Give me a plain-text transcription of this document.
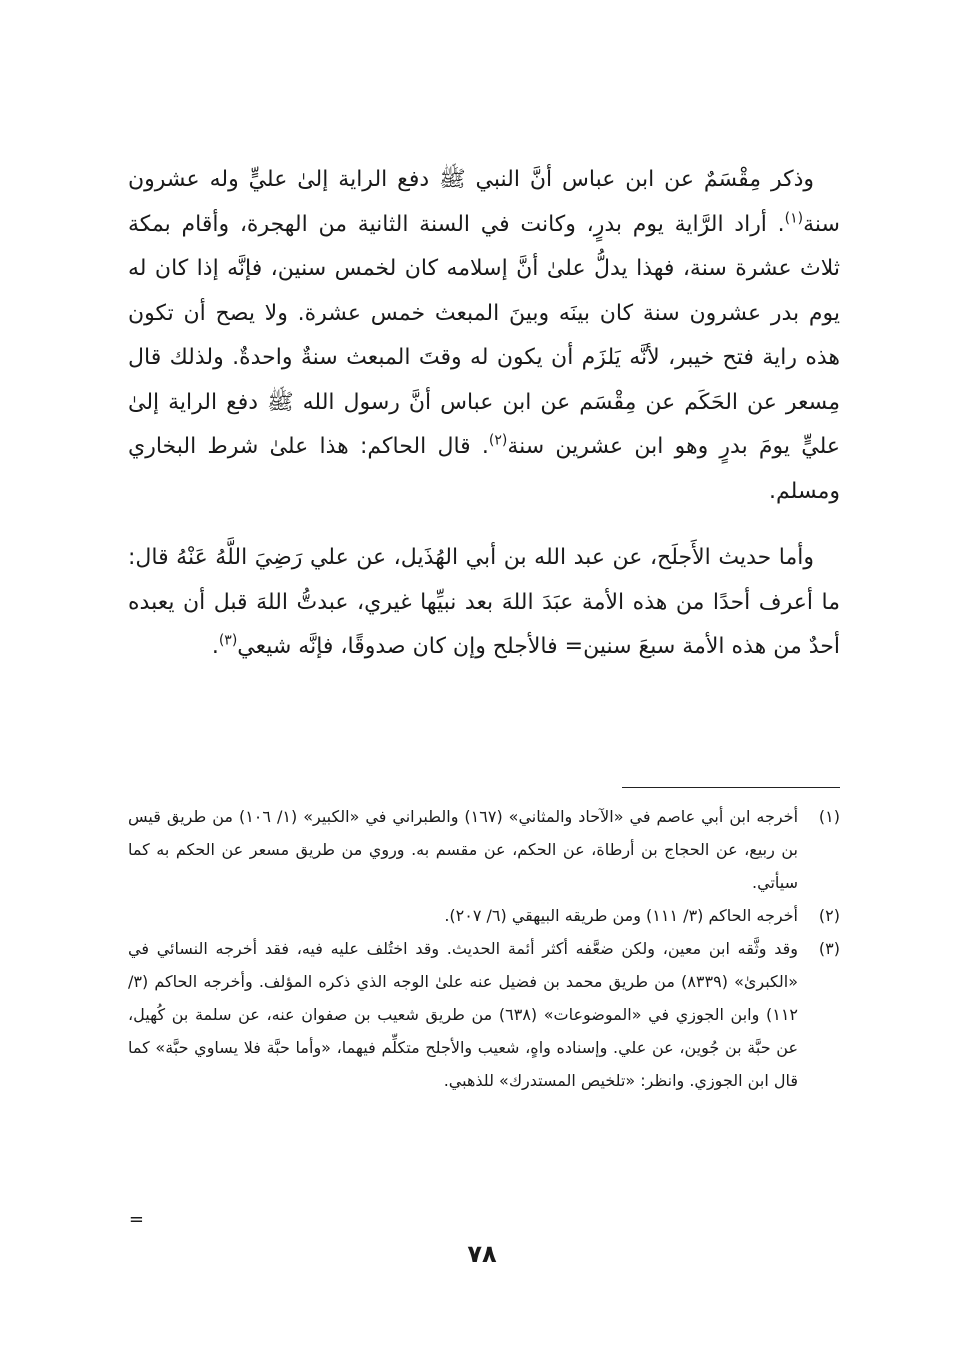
وذكر مِقْسَمٌ عن ابن عباس أنَّ النبي ﷺ دفع الراية إلىٰ عليٍّ وله عشرون سنة$^{(١)}$. أراد الرَّاية يوم بدرٍ، وكانت في السنة الثانية من الهجرة، وأقام بمكة ثلاث عشرة سنة، فهذا يدلُّ علىٰ أنَّ إسلامه كان لخمس سنين، فإنَّه إذا كان له يوم بدر عشرون سنة كان بينَه وبينَ المبعث خمس عشرة. ولا يصح أن تكون هذه راية فتح خيبر، لأنَّه يَلزَم أن يكون له وقتَ المبعث سنةٌ واحدةٌ. ولذلك قال مِسعر عن الحَكَم عن مِقْسَم عن ابن عباس أنَّ رسول الله ﷺ دفع الراية إلىٰ عليٍّ يومَ بدرٍ وهو ابن عشرين سنة$^{(٢)}$. قال الحاكم: هذا علىٰ شرط البخاري ومسلم.

وأما حديث الأَجلَح، عن عبد الله بن أبي الهُذَيل، عن علي رَضِيَ اللَّهُ عَنْهُ قال: ما أعرف أحدًا من هذه الأمة عبَدَ اللهَ بعد نبيِّها غيري، عبدتُّ اللهَ قبل أن يعبده أحدٌ من هذه الأمة سبعَ سنين= فالأجلح وإن كان صدوقًا، فإنَّه شيعي$^{(٣)}$.

(١)
أخرجه ابن أبي عاصم في «الآحاد والمثاني» (١٦٧) والطبراني في «الكبير» (١/ ١٠٦) من طريق قيس بن ربيع، عن الحجاج بن أرطاة، عن الحكم، عن مقسم به. وروي من طريق مسعر عن الحكم به كما سيأتي.
(٢)
أخرجه الحاكم (٣/ ١١١) ومن طريقه البيهقي (٦/ ٢٠٧).
(٣)
وقد وثَّقه ابن معين، ولكن ضعَّفه أكثر أئمة الحديث. وقد اختُلف عليه فيه، فقد أخرجه النسائي في «الكبرىٰ» (٨٣٣٩) من طريق محمد بن فضيل عنه علىٰ الوجه الذي ذكره المؤلف. وأخرجه الحاكم (٣/ ١١٢) وابن الجوزي في «الموضوعات» (٦٣٨) من طريق شعيب بن صفوان عنه، عن سلمة بن كُهيل، عن حبَّة بن جُوين، عن علي. وإسناده واهٍ، شعيب والأجلح متكلِّم فيهما، «وأما حبَّة فلا يساوي حبَّة» كما قال ابن الجوزي. وانظر: «تلخيص المستدرك» للذهبي.
=
٧٨
